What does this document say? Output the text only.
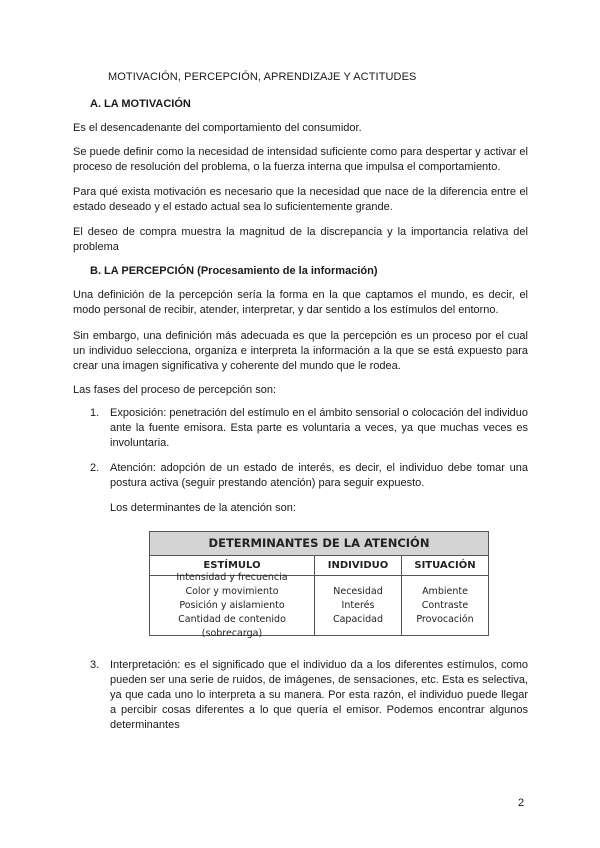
MOTIVACIÓN, PERCEPCIÓN, APRENDIZAJE Y ACTITUDES
A. LA MOTIVACIÓN

Es el desencadenante del comportamiento del consumidor.

Se puede definir como la necesidad de intensidad suficiente como para despertar y activar el proceso de resolución del problema, o la fuerza interna que impulsa el comportamiento.

Para qué exista motivación es necesario que la necesidad que nace de la diferencia entre el estado deseado y el estado actual sea lo suficientemente grande.

El deseo de compra muestra la magnitud de la discrepancia y la importancia relativa del problema

B. LA PERCEPCIÓN (Procesamiento de la información)

Una definición de la percepción sería la forma en la que captamos el mundo, es decir, el modo personal de recibir, atender, interpretar, y dar sentido a los estímulos del entorno.

Sin embargo, una definición más adecuada es que la percepción es un proceso por el cual un individuo selecciona, organiza e interpreta la información a la que se está expuesto para crear una imagen significativa y coherente del mundo que le rodea.

Las fases del proceso de percepción son:

1. Exposición: penetración del estímulo en el ámbito sensorial o colocación del individuo ante la fuente emisora. Esta parte es voluntaria a veces, ya que muchas veces es involuntaria.
2. Atención: adopción de un estado de interés, es decir, el individuo debe tomar una postura activa (seguir prestando atención) para seguir expuesto.
Los determinantes de la atención son:
DETERMINANTES DE LA ATENCIÓN
ESTÍMULO	INDIVIDUO	SITUACIÓN
Intensidad y frecuencia
Color y movimiento
Posición y aislamiento
Cantidad de contenido (sobrecarga)
Necesidad
Interés
Capacidad
Ambiente
Contraste
Provocación
3. Interpretación: es el significado que el individuo da a los diferentes estímulos, como pueden ser una serie de ruidos, de imágenes, de sensaciones, etc. Esta es selectiva, ya que cada uno lo interpreta a su manera. Por esta razón, el individuo puede llegar a percibir cosas diferentes a lo que quería el emisor. Podemos encontrar algunos determinantes
2
